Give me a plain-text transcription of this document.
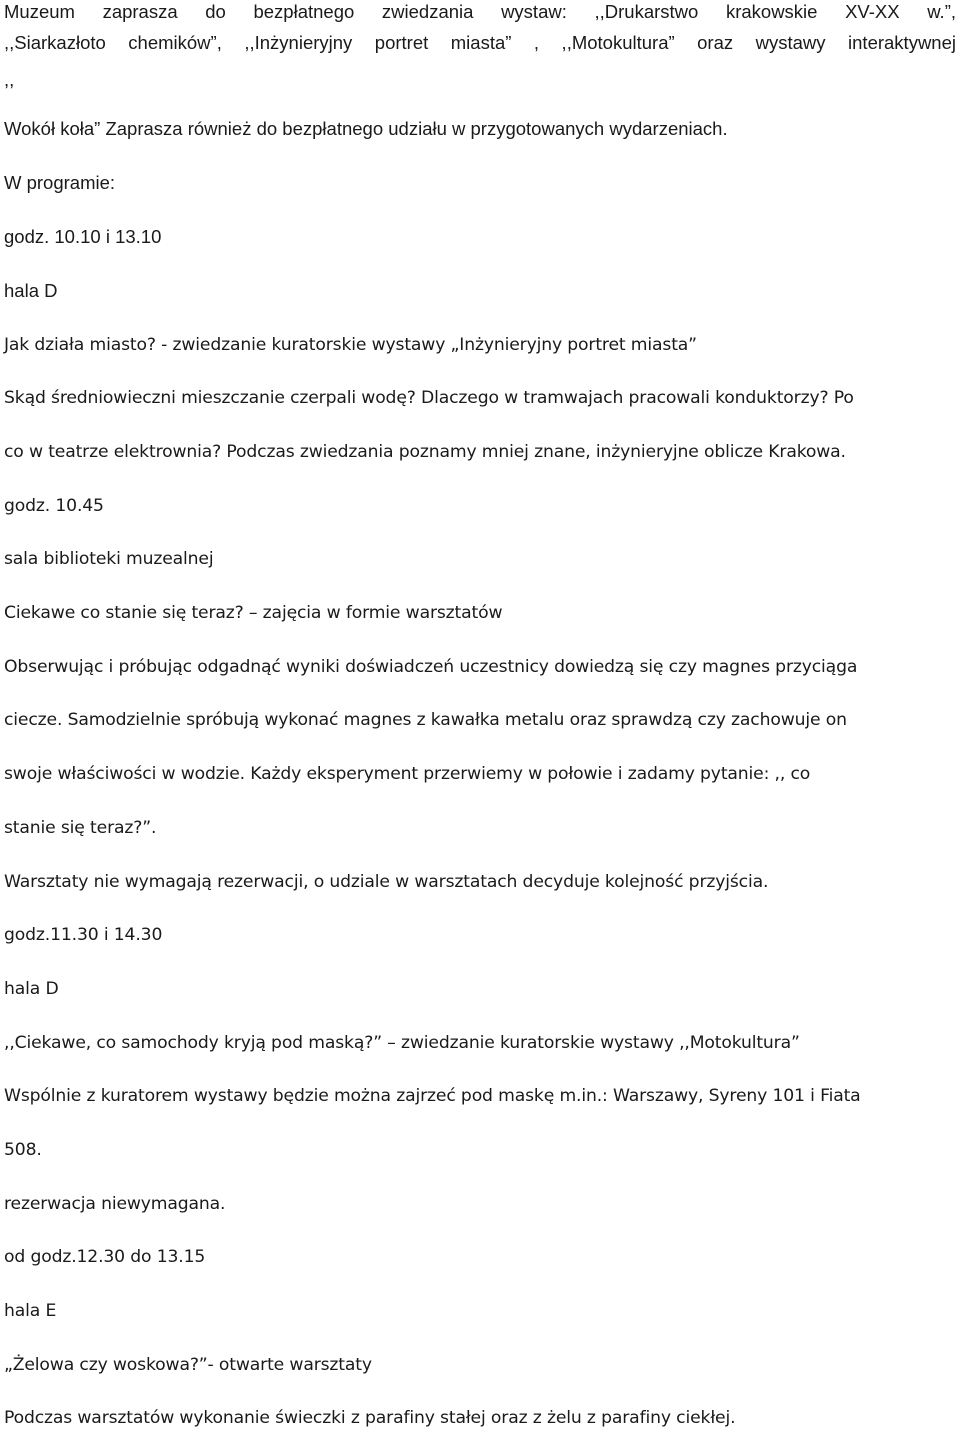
Muzeum zaprasza do bezpłatnego zwiedzania wystaw: ,,Drukarstwo krakowskie XV-XX w.”,
,,Siarkazłoto chemików”, ,,Inżynieryjny portret miasta” , ,,Motokultura” oraz wystawy interaktywnej
,,
Wokół koła” Zaprasza również do bezpłatnego udziału w przygotowanych wydarzeniach.
W programie:
godz. 10.10 i 13.10
hala D
Jak działa miasto? - zwiedzanie kuratorskie wystawy „Inżynieryjny portret miasta”
Skąd średniowieczni mieszczanie czerpali wodę? Dlaczego w tramwajach pracowali konduktorzy? Po
co w teatrze elektrownia? Podczas zwiedzania poznamy mniej znane, inżynieryjne oblicze Krakowa.
godz. 10.45
sala biblioteki muzealnej
Ciekawe co stanie się teraz? – zajęcia w formie warsztatów
Obserwując i próbując odgadnąć wyniki doświadczeń uczestnicy dowiedzą się czy magnes przyciąga
ciecze. Samodzielnie spróbują wykonać magnes z kawałka metalu oraz sprawdzą czy zachowuje on
swoje właściwości w wodzie. Każdy eksperyment przerwiemy w połowie i zadamy pytanie: ,, co
stanie się teraz?”.
Warsztaty nie wymagają rezerwacji, o udziale w warsztatach decyduje kolejność przyjścia.
godz.11.30 i 14.30
hala D
,,Ciekawe, co samochody kryją pod maską?” – zwiedzanie kuratorskie wystawy ,,Motokultura”
Wspólnie z kuratorem wystawy będzie można zajrzeć pod maskę m.in.: Warszawy, Syreny 101 i Fiata
508.
rezerwacja niewymagana.
od godz.12.30 do 13.15
hala E
„Żelowa czy woskowa?”- otwarte warsztaty
Podczas warsztatów wykonanie świeczki z parafiny stałej oraz z żelu z parafiny ciekłej.
